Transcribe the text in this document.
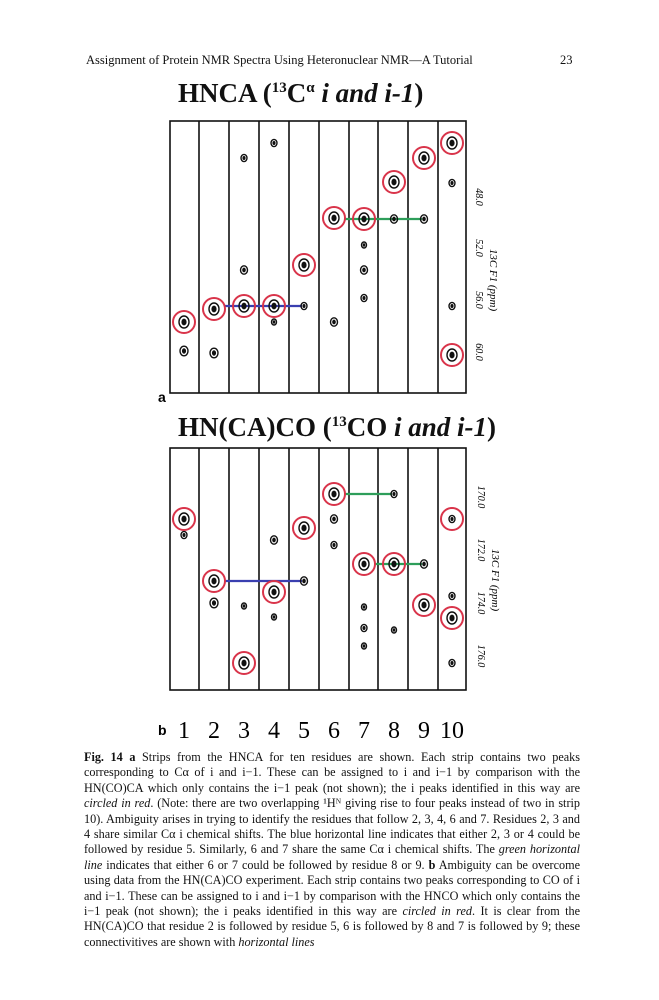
Assignment of Protein NMR Spectra Using Heteronuclear NMR—A Tutorial	23
HNCA ($^{13}C^\alpha$ i and i-1)
HN(CA)CO ($^{13}$CO i and i-1)
a
b
48.0
52.0
56.0
60.0
13C F1 (ppm)
170.0
172.0
174.0
176.0
13C F1 (ppm)
1 2 3 4 5 6 7 8 9 10
Fig. 14 a Strips from the HNCA for ten residues are shown. Each strip contains two peaks corresponding to Cα of i and i−1. These can be assigned to i and i−1 by comparison with the HN(CO)CA which only contains the i−1 peak (not shown); the i peaks identified in this way are circled in red. (Note: there are two overlapping ¹Hᴺ giving rise to four peaks instead of two in strip 10). Ambiguity arises in trying to identify the residues that follow 2, 3, 4, 6 and 7. Residues 2, 3 and 4 share similar Cα i chemical shifts. The blue horizontal line indicates that either 2, 3 or 4 could be followed by residue 5. Similarly, 6 and 7 share the same Cα i chemical shifts. The green horizontal line indicates that either 6 or 7 could be followed by residue 8 or 9. b Ambiguity can be overcome using data from the HN(CA)CO experiment. Each strip contains two peaks corresponding to CO of i and i−1. These can be assigned to i and i−1 by comparison with the HNCO which only contains the i−1 peak (not shown); the i peaks identified in this way are circled in red. It is clear from the HN(CA)CO that residue 2 is followed by residue 5, 6 is followed by 8 and 7 is followed by 9; these connectivitives are shown with horizontal lines
